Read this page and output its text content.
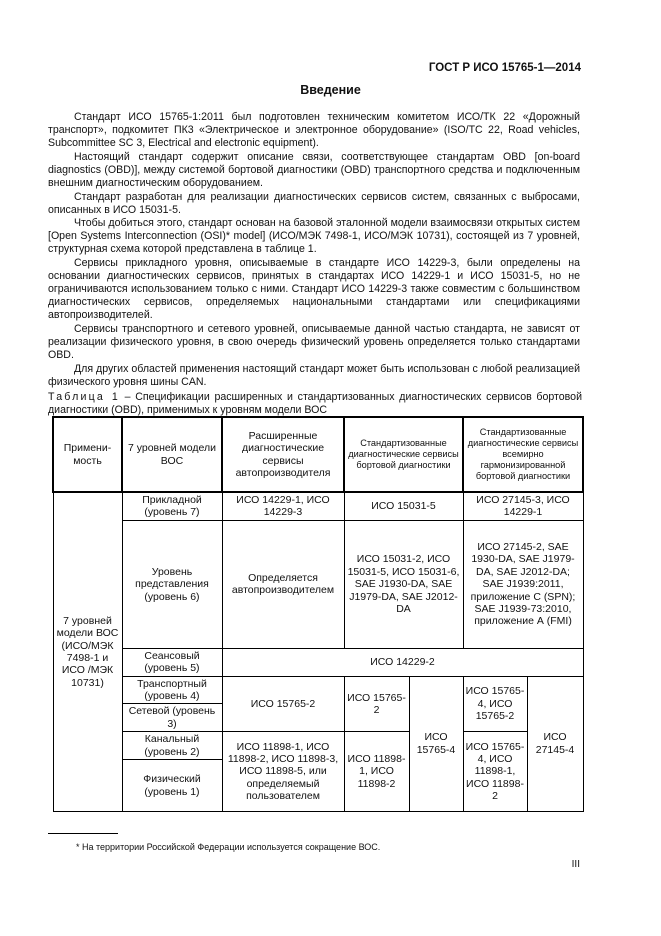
ГОСТ Р ИСО 15765-1—2014
Введение

Стандарт ИСО 15765-1:2011 был подготовлен техническим комитетом ИСО/ТК 22 «Дорожный транспорт», подкомитет ПК3 «Электрическое и электронное оборудование» (ISO/TC 22, Road vehicles, Subcommittee SC 3, Electrical and electronic equipment).

Настоящий стандарт содержит описание связи, соответствующее стандартам OBD [on-board diagnostics (OBD)], между системой бортовой диагностики (OBD) транспортного средства и подключенным внешним диагностическим оборудованием.

Стандарт разработан для реализации диагностических сервисов систем, связанных с выбросами, описанных в ИСО 15031-5.

Чтобы добиться этого, стандарт основан на базовой эталонной модели взаимосвязи открытых систем [Open Systems Interconnection (OSI)* model] (ИСО/МЭК 7498-1, ИСО/МЭК 10731), состоящей из 7 уровней, структурная схема которой представлена в таблице 1.

Сервисы прикладного уровня, описываемые в стандарте ИСО 14229-3, были определены на основании диагностических сервисов, принятых в стандартах ИСО 14229-1 и ИСО 15031-5, но не ограничиваются использованием только с ними. Стандарт ИСО 14229-3 также совместим с большинством диагностических сервисов, определяемых национальными стандартами или спецификациями автопроизводителей.

Сервисы транспортного и сетевого уровней, описываемые данной частью стандарта, не зависят от реализации физического уровня, в свою очередь физический уровень определяется только стандартами OBD.

Для других областей применения настоящий стандарт может быть использован с любой реализацией физического уровня шины CAN.

Таблица 1 – Спецификации расширенных и стандартизованных диагностических сервисов бортовой диагностики (OBD), применимых к уровням модели ВОС
Примени-мость	7 уровней модели ВОС	Расширенные диагностические сервисы автопроизводителя	Стандартизованные диагностические сервисы бортовой диагностики		Стандартизованные диагностические сервисы всемирно гармонизированной бортовой диагностики	
7 уровней модели ВОС (ИСО/МЭК 7498-1 и ИСО /МЭК 10731)	Прикладной (уровень 7)	ИСО 14229-1, ИСО 14229-3	ИСО 15031-5		ИСО 27145-3, ИСО 14229-1	
	Уровень представления (уровень 6)	Определяется автопроизводителем	ИСО 15031-2, ИСО 15031-5, ИСО 15031-6, SAE J1930-DA, SAE J1979-DA, SAE J2012-DA		ИСО 27145-2, SAE 1930-DA, SAE J1979-DA, SAE J2012-DA; SAE J1939:2011, приложение С (SPN); SAE J1939-73:2010, приложение А (FMI)	
	Сеансовый (уровень 5)	ИСО 14229-2				
	Транспортный (уровень 4)	ИСО 15765-2	ИСО 15765-2	ИСО 15765-4	ИСО 15765-4, ИСО 15765-2	ИСО 27145-4
	Сетевой (уровень 3)					
	Канальный (уровень 2)	ИСО 11898-1, ИСО 11898-2, ИСО 11898-3, ИСО 11898-5, или определяемый пользователем	ИСО 11898-1, ИСО 11898-2		ИСО 15765-4, ИСО 11898-1, ИСО 11898-2	
	Физический (уровень 1)					
* На территории Российской Федерации используется сокращение ВОС.
III
